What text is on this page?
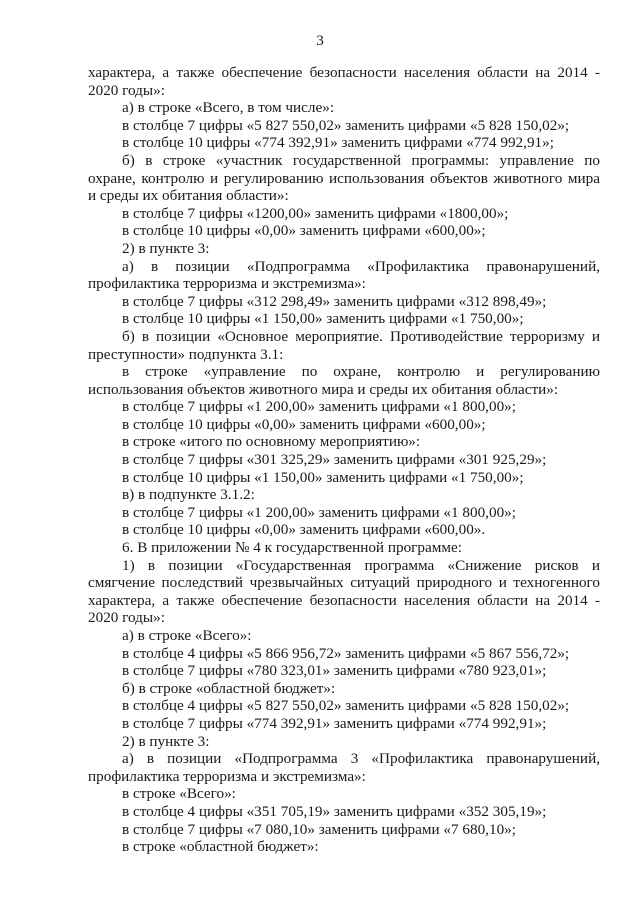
3
характера, а также обеспечение безопасности населения области на 2014 -
2020 годы»:
а) в строке «Всего, в том числе»:
в столбце 7 цифры «5 827 550,02» заменить цифрами «5 828 150,02»;
в столбце 10 цифры «774 392,91» заменить цифрами «774 992,91»;
б) в строке «участник государственной программы: управление по
охране, контролю и регулированию использования объектов животного мира
и среды их обитания области»:
в столбце 7 цифры «1200,00» заменить цифрами «1800,00»;
в столбце 10 цифры «0,00» заменить цифрами «600,00»;
2) в пункте 3:
а) в позиции «Подпрограмма «Профилактика правонарушений,
профилактика терроризма и экстремизма»:
в столбце 7 цифры «312 298,49» заменить цифрами «312 898,49»;
в столбце 10 цифры «1 150,00» заменить цифрами «1 750,00»;
б) в позиции «Основное мероприятие. Противодействие терроризму и
преступности» подпункта 3.1:
в строке «управление по охране, контролю и регулированию
использования объектов животного мира и среды их обитания области»:
в столбце 7 цифры «1 200,00» заменить цифрами «1 800,00»;
в столбце 10 цифры «0,00» заменить цифрами «600,00»;
в строке «итого по основному мероприятию»:
в столбце 7 цифры «301 325,29» заменить цифрами «301 925,29»;
в столбце 10 цифры «1 150,00» заменить цифрами «1 750,00»;
в) в подпункте 3.1.2:
в столбце 7 цифры «1 200,00» заменить цифрами «1 800,00»;
в столбце 10 цифры «0,00» заменить цифрами «600,00».
6. В приложении № 4 к государственной программе:
1) в позиции «Государственная программа «Снижение рисков и
смягчение последствий чрезвычайных ситуаций природного и техногенного
характера, а также обеспечение безопасности населения области на 2014 -
2020 годы»:
а) в строке «Всего»:
в столбце 4 цифры «5 866 956,72» заменить цифрами «5 867 556,72»;
в столбце 7 цифры «780 323,01» заменить цифрами «780 923,01»;
б) в строке «областной бюджет»:
в столбце 4 цифры «5 827 550,02» заменить цифрами «5 828 150,02»;
в столбце 7 цифры «774 392,91» заменить цифрами «774 992,91»;
2) в пункте 3:
а) в позиции «Подпрограмма 3 «Профилактика правонарушений,
профилактика терроризма и экстремизма»:
в строке «Всего»:
в столбце 4 цифры «351 705,19» заменить цифрами «352 305,19»;
в столбце 7 цифры «7 080,10» заменить цифрами «7 680,10»;
в строке «областной бюджет»:
